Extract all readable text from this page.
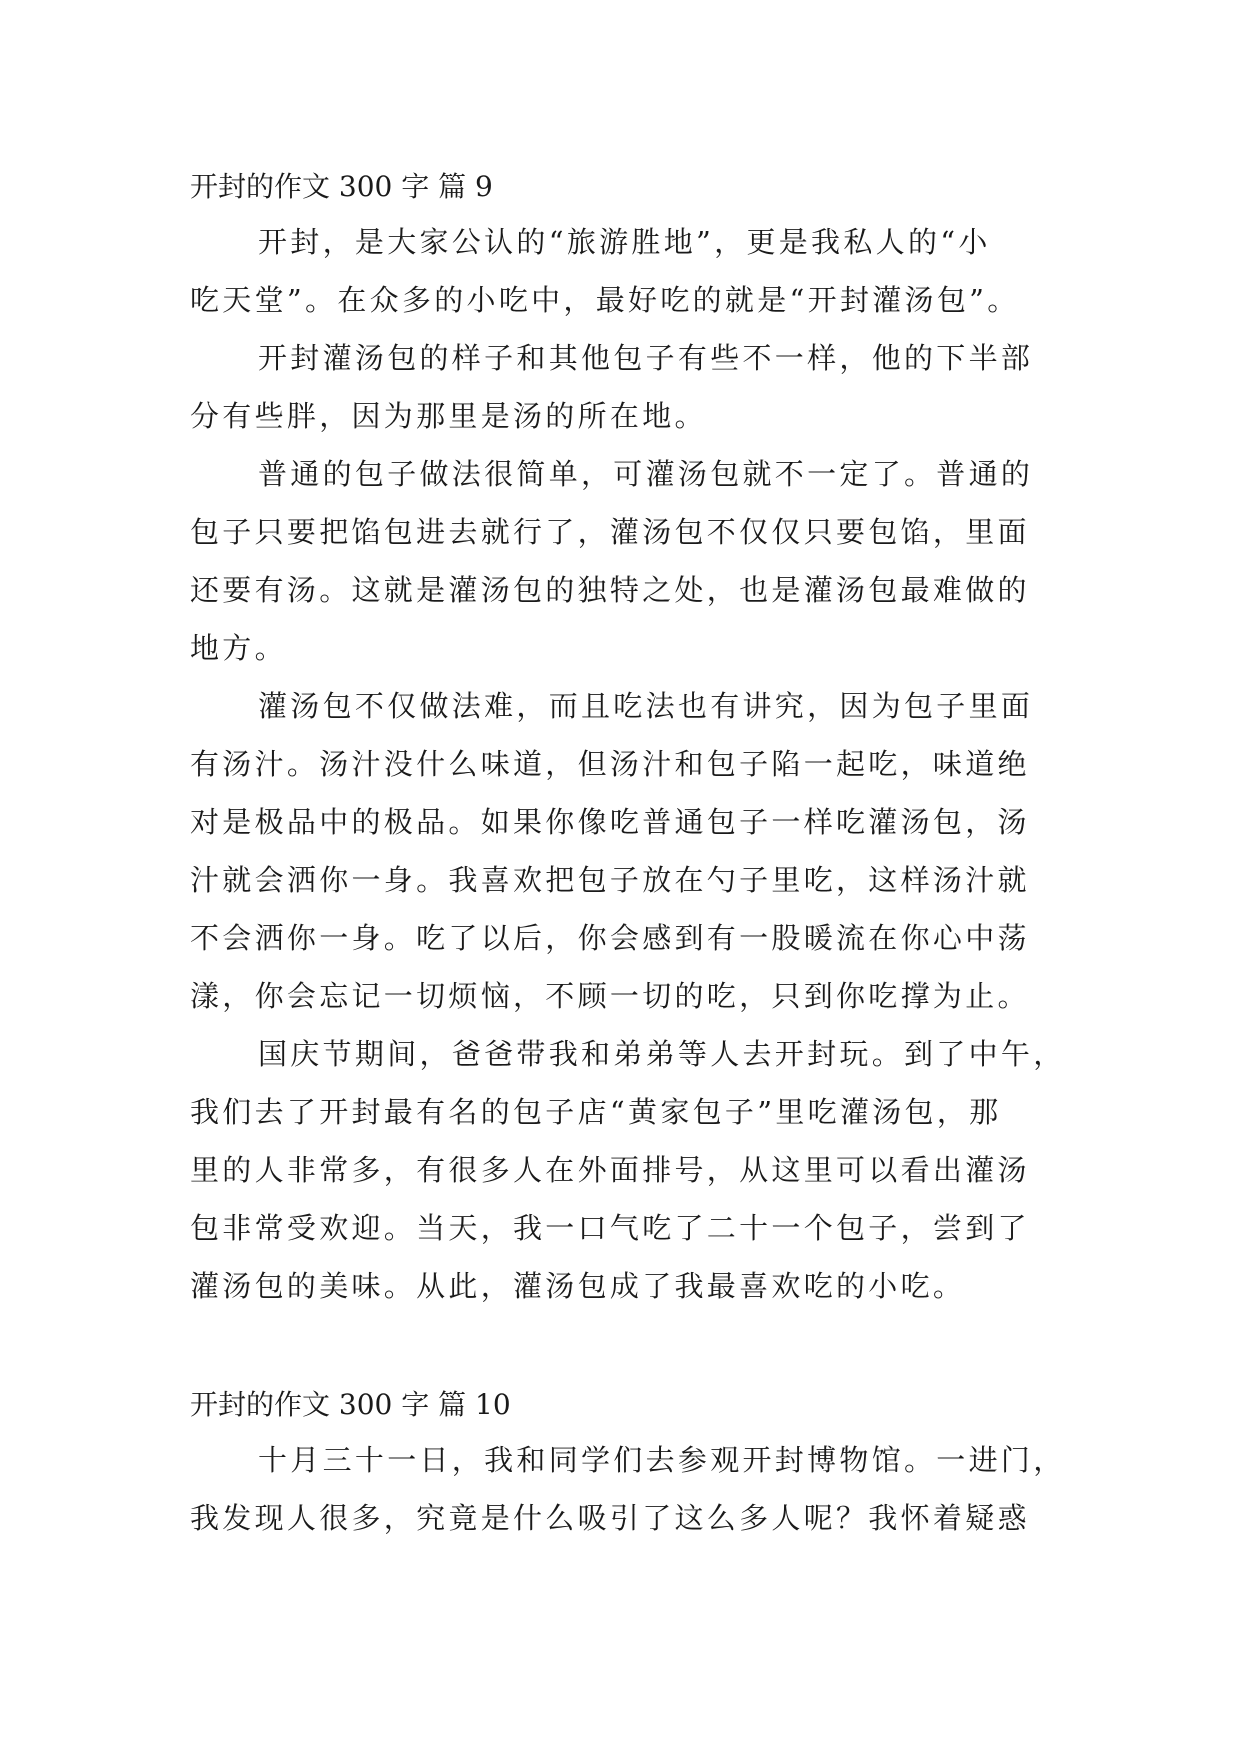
开封的作文 300 字 篇 9
开封，是大家公认的“旅游胜地”，更是我私人的“小
吃天堂”。在众多的小吃中，最好吃的就是“开封灌汤包”。
开封灌汤包的样子和其他包子有些不一样，他的下半部
分有些胖，因为那里是汤的所在地。
普通的包子做法很简单，可灌汤包就不一定了。普通的
包子只要把馅包进去就行了，灌汤包不仅仅只要包馅，里面
还要有汤。这就是灌汤包的独特之处，也是灌汤包最难做的
地方。
灌汤包不仅做法难，而且吃法也有讲究，因为包子里面
有汤汁。汤汁没什么味道，但汤汁和包子陷一起吃，味道绝
对是极品中的极品。如果你像吃普通包子一样吃灌汤包，汤
汁就会洒你一身。我喜欢把包子放在勺子里吃，这样汤汁就
不会洒你一身。吃了以后，你会感到有一股暖流在你心中荡
漾，你会忘记一切烦恼，不顾一切的吃，只到你吃撑为止。
国庆节期间，爸爸带我和弟弟等人去开封玩。到了中午，
我们去了开封最有名的包子店“黄家包子”里吃灌汤包，那
里的人非常多，有很多人在外面排号，从这里可以看出灌汤
包非常受欢迎。当天，我一口气吃了二十一个包子，尝到了
灌汤包的美味。从此，灌汤包成了我最喜欢吃的小吃。
开封的作文 300 字 篇 10
十月三十一日，我和同学们去参观开封博物馆。一进门，
我发现人很多，究竟是什么吸引了这么多人呢？我怀着疑惑
